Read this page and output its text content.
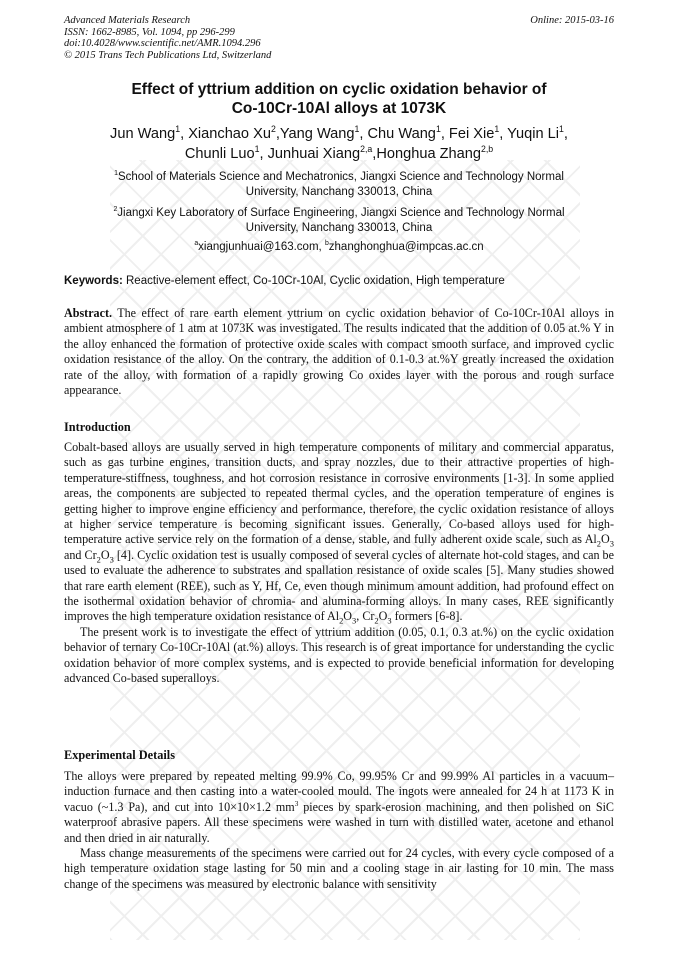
Advanced Materials Research
ISSN: 1662-8985, Vol. 1094, pp 296-299
doi:10.4028/www.scientific.net/AMR.1094.296
© 2015 Trans Tech Publications Ltd, Switzerland
Online: 2015-03-16
Effect of yttrium addition on cyclic oxidation behavior of
Co-10Cr-10Al alloys at 1073K
Jun Wang$^1$, Xianchao Xu$^2$,Yang Wang$^1$, Chu Wang$^1$, Fei Xie$^1$, Yuqin Li$^1$,
Chunli Luo$^1$, Junhuai Xiang$^{2,a}$,Honghua Zhang$^{2,b}$
$^1$School of Materials Science and Mechatronics, Jiangxi Science and Technology Normal
University, Nanchang 330013, China
$^2$Jiangxi Key Laboratory of Surface Engineering, Jiangxi Science and Technology Normal
University, Nanchang 330013, China
$^a$xiangjunhuai@163.com, $^b$zhanghonghua@impcas.ac.cn
Keywords: Reactive-element effect, Co-10Cr-10Al, Cyclic oxidation, High temperature

Abstract. The effect of rare earth element yttrium on cyclic oxidation behavior of Co-10Cr-10Al alloys in ambient atmosphere of 1 atm at 1073K was investigated. The results indicated that the addition of 0.05 at.% Y in the alloy enhanced the formation of protective oxide scales with compact smooth surface, and improved cyclic oxidation resistance of the alloy. On the contrary, the addition of 0.1-0.3 at.%Y greatly increased the oxidation rate of the alloy, with formation of a rapidly growing Co oxides layer with the porous and rough surface appearance.

Introduction

Cobalt-based alloys are usually served in high temperature components of military and commercial apparatus, such as gas turbine engines, transition ducts, and spray nozzles, due to their attractive properties of high-temperature-stiffness, toughness, and hot corrosion resistance in corrosive environments [1-3]. In some applied areas, the components are subjected to repeated thermal cycles, and the operation temperature of engines is getting higher to improve engine efficiency and performance, therefore, the cyclic oxidation resistance of alloys at higher service temperature is becoming significant issues. Generally, Co-based alloys used for high-temperature active service rely on the formation of a dense, stable, and fully adherent oxide scale, such as $Al_2O_3$ and $Cr_2O_3$ [4]. Cyclic oxidation test is usually composed of several cycles of alternate hot-cold stages, and can be used to evaluate the adherence to substrates and spallation resistance of oxide scales [5]. Many studies showed that rare earth element (REE), such as Y, Hf, Ce, even though minimum amount addition, had profound effect on the isothermal oxidation behavior of chromia- and alumina-forming alloys. In many cases, REE significantly improves the high temperature oxidation resistance of $Al_2O_3$, $Cr_2O_3$ formers [6-8].

The present work is to investigate the effect of yttrium addition (0.05, 0.1, 0.3 at.%) on the cyclic oxidation behavior of ternary Co-10Cr-10Al (at.%) alloys. This research is of great importance for understanding the cyclic oxidation behavior of more complex systems, and is expected to provide beneficial information for developing advanced Co-based superalloys.

Experimental Details

The alloys were prepared by repeated melting 99.9% Co, 99.95% Cr and 99.99% Al particles in a vacuum–induction furnace and then casting into a water-cooled mould. The ingots were annealed for 24 h at 1173 K in vacuo (~1.3 Pa), and cut into 10×10×1.2 $mm^3$ pieces by spark-erosion machining, and then polished on SiC waterproof abrasive papers. All these specimens were washed in turn with distilled water, acetone and ethanol and then dried in air naturally.

Mass change measurements of the specimens were carried out for 24 cycles, with every cycle composed of a high temperature oxidation stage lasting for 50 min and a cooling stage in air lasting for 10 min. The mass change of the specimens was measured by electronic balance with sensitivity
